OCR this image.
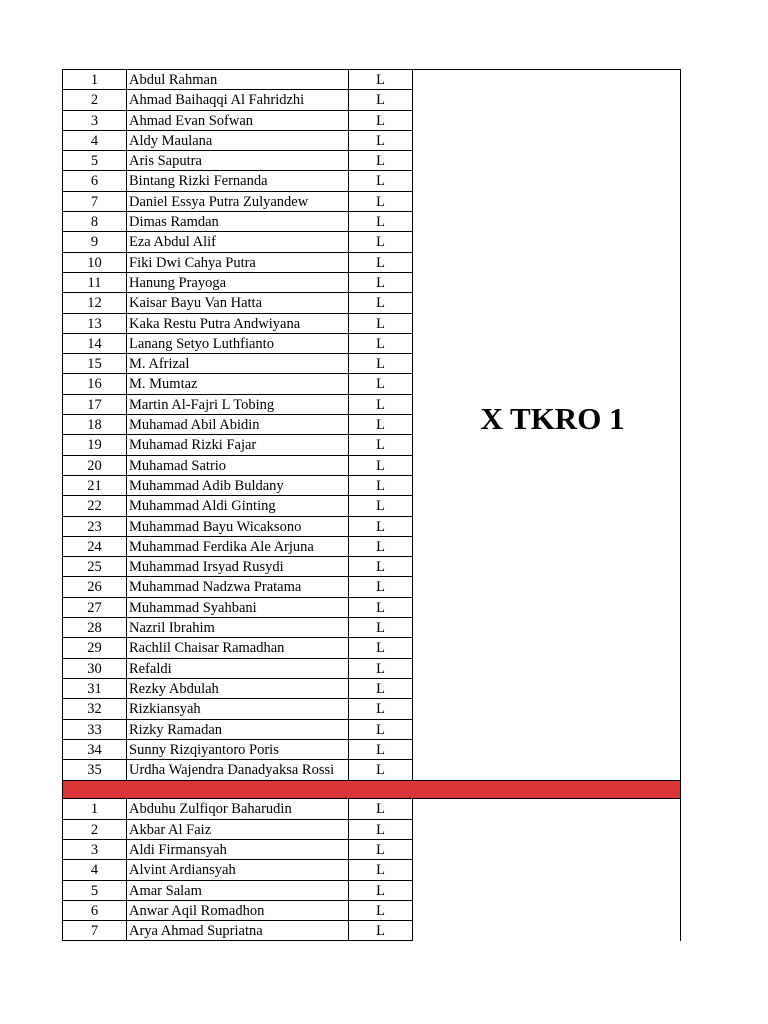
1	Abdul Rahman	L
2	Ahmad Baihaqqi Al Fahridzhi	L
3	Ahmad Evan Sofwan	L
4	Aldy Maulana	L
5	Aris Saputra	L
6	Bintang Rizki Fernanda	L
7	Daniel Essya Putra Zulyandew	L
8	Dimas Ramdan	L
9	Eza Abdul Alif	L
10	Fiki Dwi Cahya Putra	L
11	Hanung Prayoga	L
12	Kaisar Bayu Van Hatta	L
13	Kaka Restu Putra Andwiyana	L
14	Lanang Setyo Luthfianto	L
15	M. Afrizal	L
16	M. Mumtaz	L
17	Martin Al-Fajri L Tobing	L
18	Muhamad Abil Abidin	L
19	Muhamad Rizki Fajar	L
20	Muhamad Satrio	L
21	Muhammad Adib Buldany	L
22	Muhammad Aldi Ginting	L
23	Muhammad Bayu Wicaksono	L
24	Muhammad Ferdika Ale Arjuna	L
25	Muhammad Irsyad Rusydi	L
26	Muhammad Nadzwa Pratama	L
27	Muhammad Syahbani	L
28	Nazril Ibrahim	L
29	Rachlil Chaisar Ramadhan	L
30	Refaldi	L
31	Rezky Abdulah	L
32	Rizkiansyah	L
33	Rizky Ramadan	L
34	Sunny Rizqiyantoro Poris	L
35	Urdha Wajendra Danadyaksa Rossi	L
X TKRO 1
1	Abduhu Zulfiqor Baharudin	L
2	Akbar Al Faiz	L
3	Aldi Firmansyah	L
4	Alvint Ardiansyah	L
5	Amar Salam	L
6	Anwar Aqil Romadhon	L
7	Arya Ahmad Supriatna	L
